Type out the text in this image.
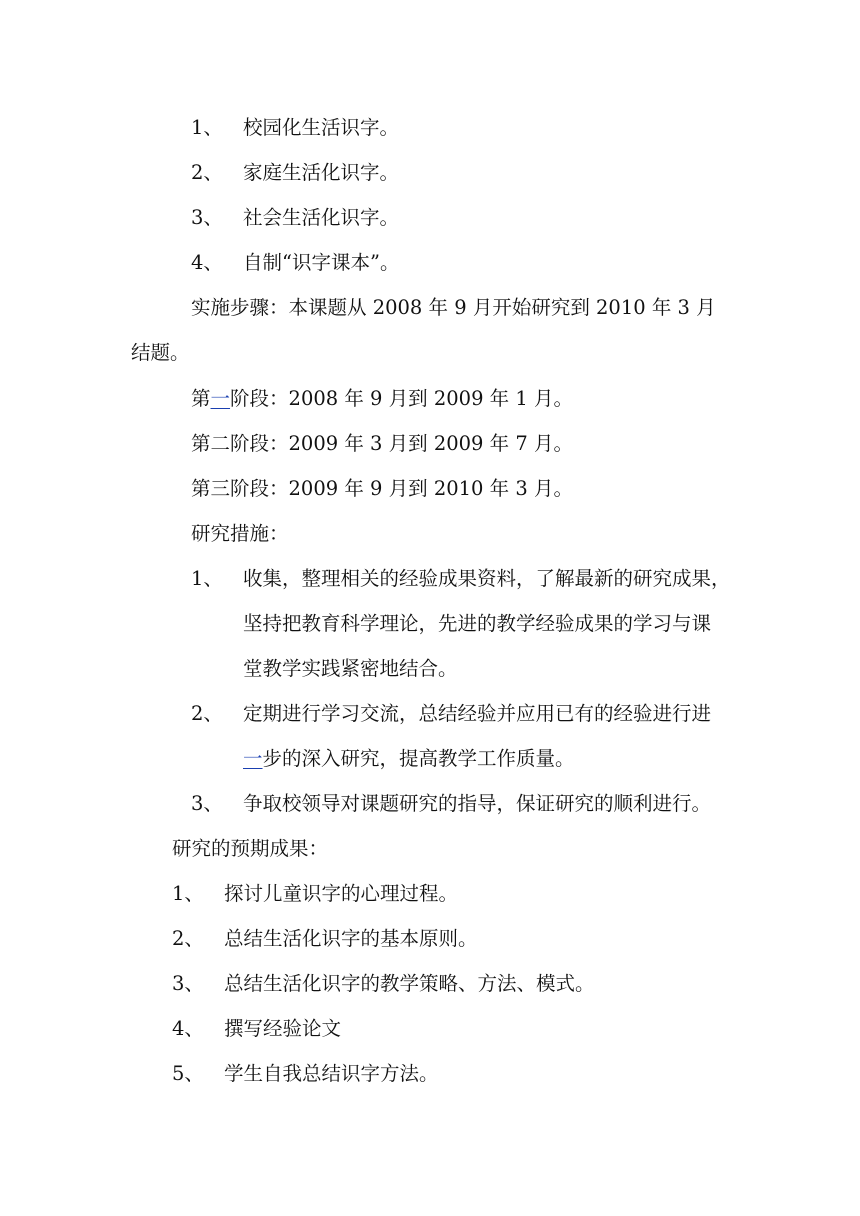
1、 校园化生活识字。
2、 家庭生活化识字。
3、 社会生活化识字。
4、 自制“识字课本”。
实施步骤：本课题从 2008 年 9 月开始研究到 2010 年 3 月
结题。
第一阶段：2008 年 9 月到 2009 年 1 月。
第二阶段：2009 年 3 月到 2009 年 7 月。
第三阶段：2009 年 9 月到 2010 年 3 月。
研究措施：
1、 收集，整理相关的经验成果资料，了解最新的研究成果，
坚持把教育科学理论，先进的教学经验成果的学习与课
堂教学实践紧密地结合。
2、 定期进行学习交流，总结经验并应用已有的经验进行进
一步的深入研究，提高教学工作质量。
3、 争取校领导对课题研究的指导，保证研究的顺利进行。
研究的预期成果：
1、 探讨儿童识字的心理过程。
2、 总结生活化识字的基本原则。
3、 总结生活化识字的教学策略、方法、模式。
4、 撰写经验论文
5、 学生自我总结识字方法。
